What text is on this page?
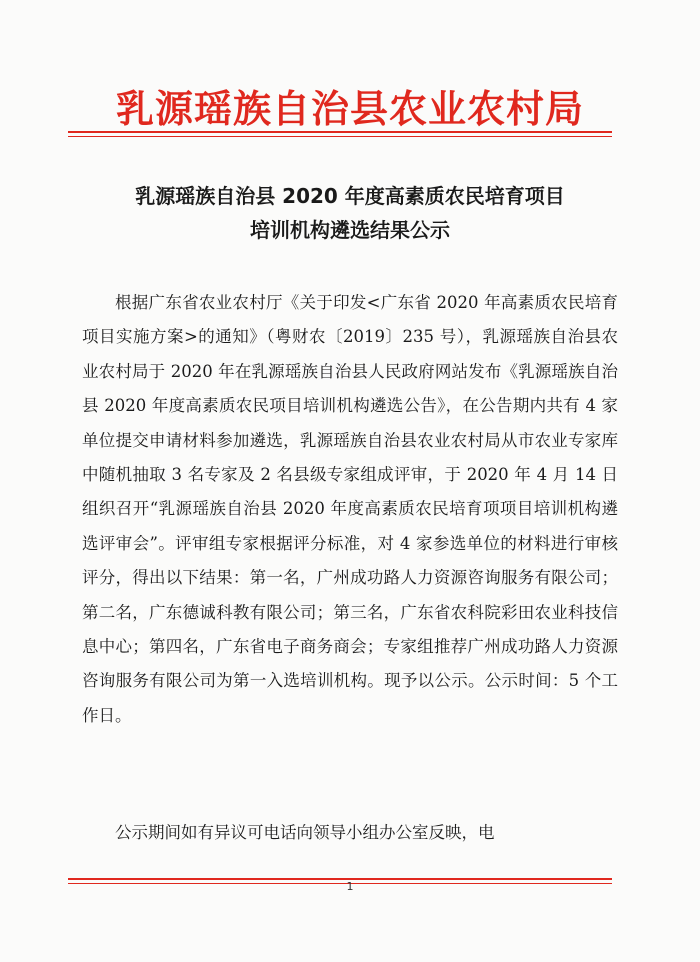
乳源瑶族自治县农业农村局
乳源瑶族自治县 2020 年度高素质农民培育项目
培训机构遴选结果公示

根据广东省农业农村厅《关于印发<广东省 2020 年高素质农民培育项目实施方案>的通知》（粤财农〔2019〕235 号），乳源瑶族自治县农业农村局于 2020 年在乳源瑶族自治县人民政府网站发布《乳源瑶族自治县 2020 年度高素质农民项目培训机构遴选公告》，在公告期内共有 4 家单位提交申请材料参加遴选，乳源瑶族自治县农业农村局从市农业专家库中随机抽取 3 名专家及 2 名县级专家组成评审，于 2020 年 4 月 14 日组织召开“乳源瑶族自治县 2020 年度高素质农民培育项项目培训机构遴选评审会”。评审组专家根据评分标准，对 4 家参选单位的材料进行审核评分，得出以下结果：第一名，广州成功路人力资源咨询服务有限公司；第二名，广东德诚科教有限公司；第三名，广东省农科院彩田农业科技信息中心；第四名，广东省电子商务商会；专家组推荐广州成功路人力资源咨询服务有限公司为第一入选培训机构。现予以公示。公示时间：5 个工作日。

公示期间如有异议可电话向领导小组办公室反映，电

1
